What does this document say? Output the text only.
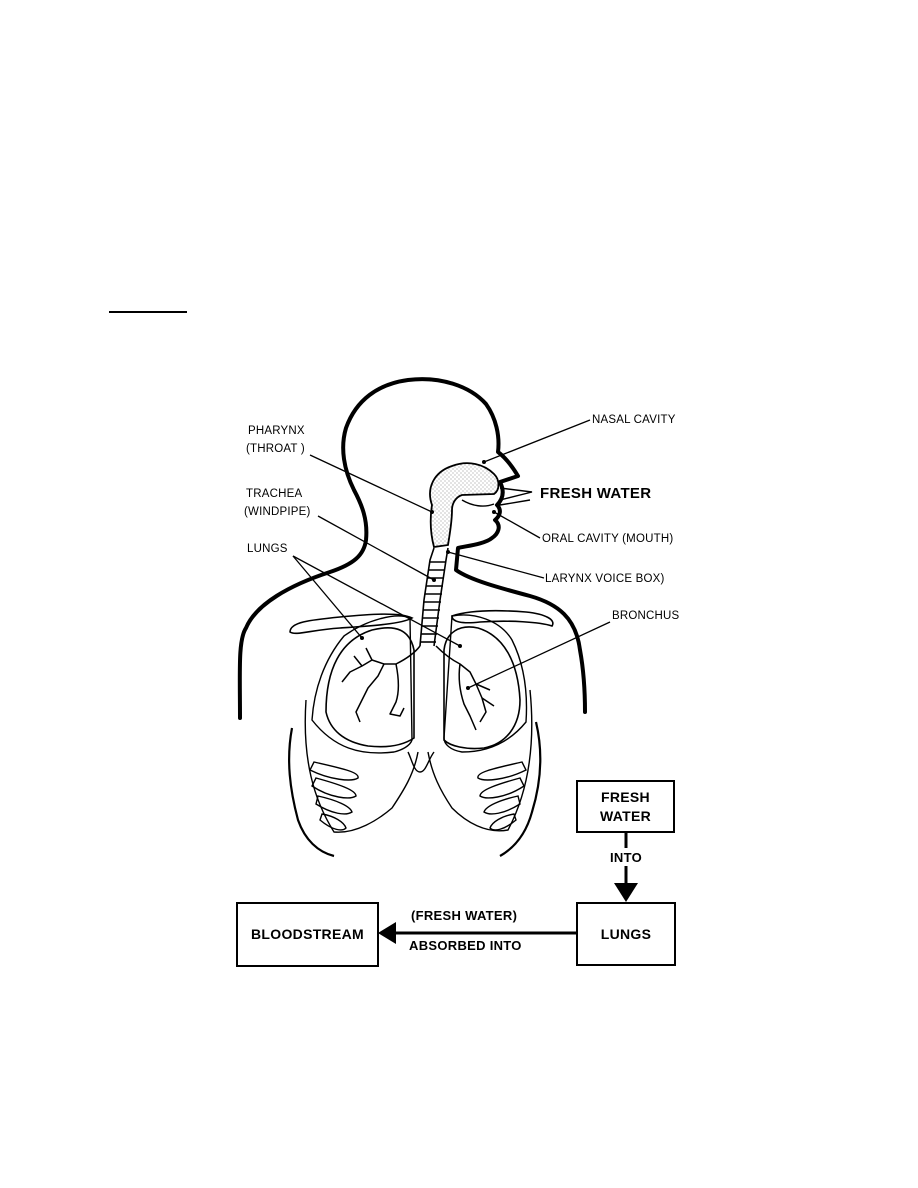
PHARYNX
(THROAT )
TRACHEA
(WINDPIPE)
LUNGS
NASAL CAVITY
FRESH WATER
ORAL CAVITY (MOUTH)
LARYNX VOICE BOX)
BRONCHUS
FRESH WATER
INTO
LUNGS
BLOODSTREAM
(FRESH WATER)
ABSORBED INTO
